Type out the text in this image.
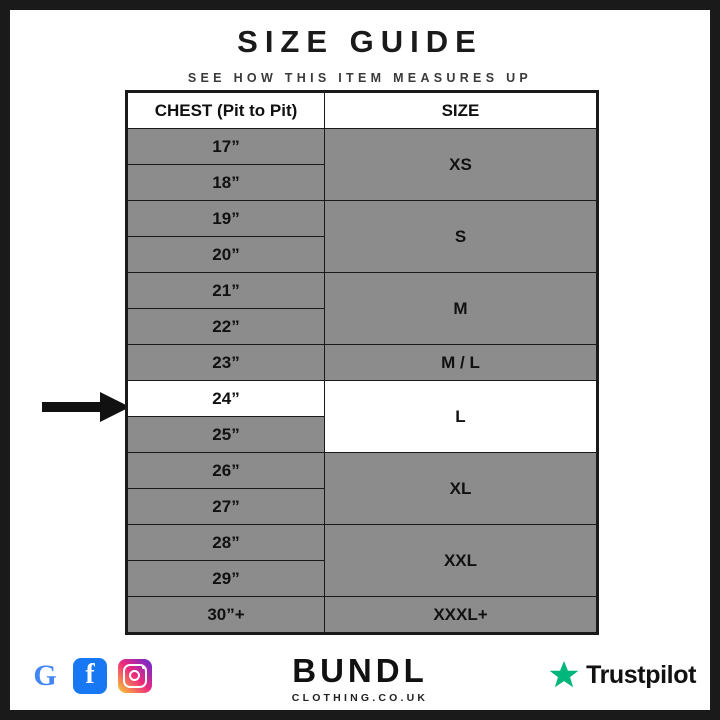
SIZE GUIDE
SEE HOW THIS ITEM MEASURES UP
CHEST (Pit to Pit)	SIZE
17”	XS
18”	
19”	S
20”	
21”	M
22”	
23”	M / L
24”	L
25”	
26”	XL
27”	
28”	XXL
29”	
30”+	XXXL+
G f	BUNDL
CLOTHING.CO.UK
Trustpilot
